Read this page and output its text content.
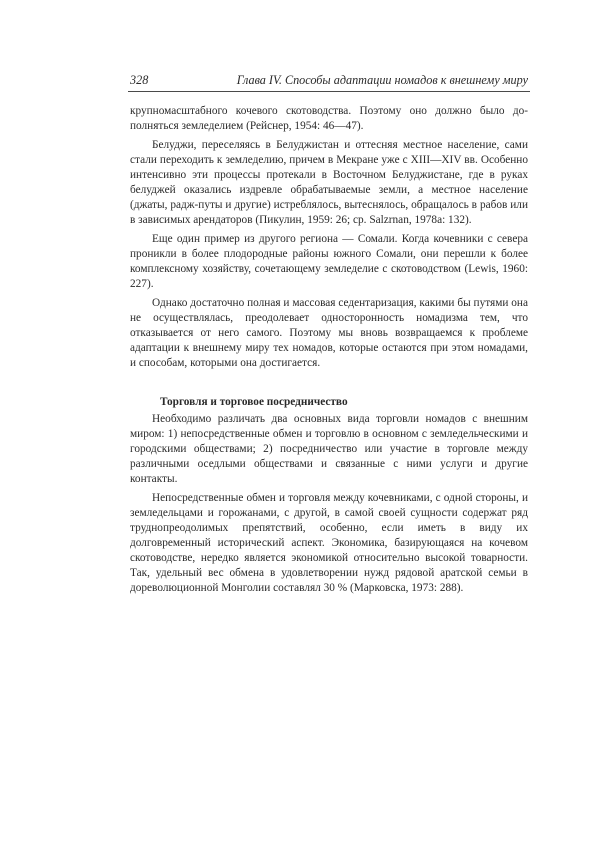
328	Глава IV. Способы адаптации номадов к внешнему миру

крупномасштабного кочевого скотоводства. Поэтому оно должно было дополняться земледелием (Рейснер, 1954: 46—47).

Белуджи, переселяясь в Белуджистан и оттесняя местное население, сами стали переходить к земледелию, причем в Мекране уже с XIII—XIV вв. Особенно интенсивно эти процессы протекали в Восточном Белуджистане, где в руках белуджей оказались издревле обрабатываемые земли, а местное население (джаты, радж-путы и другие) истреблялось, вытеснялось, обращалось в рабов или в зависимых арендаторов (Пикулин, 1959: 26; ср. Salzrnan, 1978а: 132).

Еще один пример из другого региона — Сомали. Когда кочевники с севера проникли в более плодородные районы южного Сомали, они перешли к более комплексному хозяйству, сочетающему земледелие с скотоводством (Lewis, 1960: 227).

Однако достаточно полная и массовая седентаризация, какими бы путями она не осуществлялась, преодолевает односторонность номадизма тем, что отказывается от него самого. Поэтому мы вновь возвращаемся к проблеме адаптации к внешнему миру тех номадов, которые остаются при этом номадами, и способам, которыми она достигается.

Торговля и торговое посредничество

Необходимо различать два основных вида торговли номадов с внешним миром: 1) непосредственные обмен и торговлю в основном с земледельческими и городскими обществами; 2) посредничество или участие в торговле между различными оседлыми обществами и связанные с ними услуги и другие контакты.

Непосредственные обмен и торговля между кочевниками, с одной стороны, и земледельцами и горожанами, с другой, в самой своей сущности содержат ряд труднопреодолимых препятствий, особенно, если иметь в виду их долговременный исторический аспект. Экономика, базирующаяся на кочевом скотоводстве, нередко является экономикой относительно высокой товарности. Так, удельный вес обмена в удовлетворении нужд рядовой аратской семьи в дореволюционной Монголии составлял 30 % (Марковска, 1973: 288).
